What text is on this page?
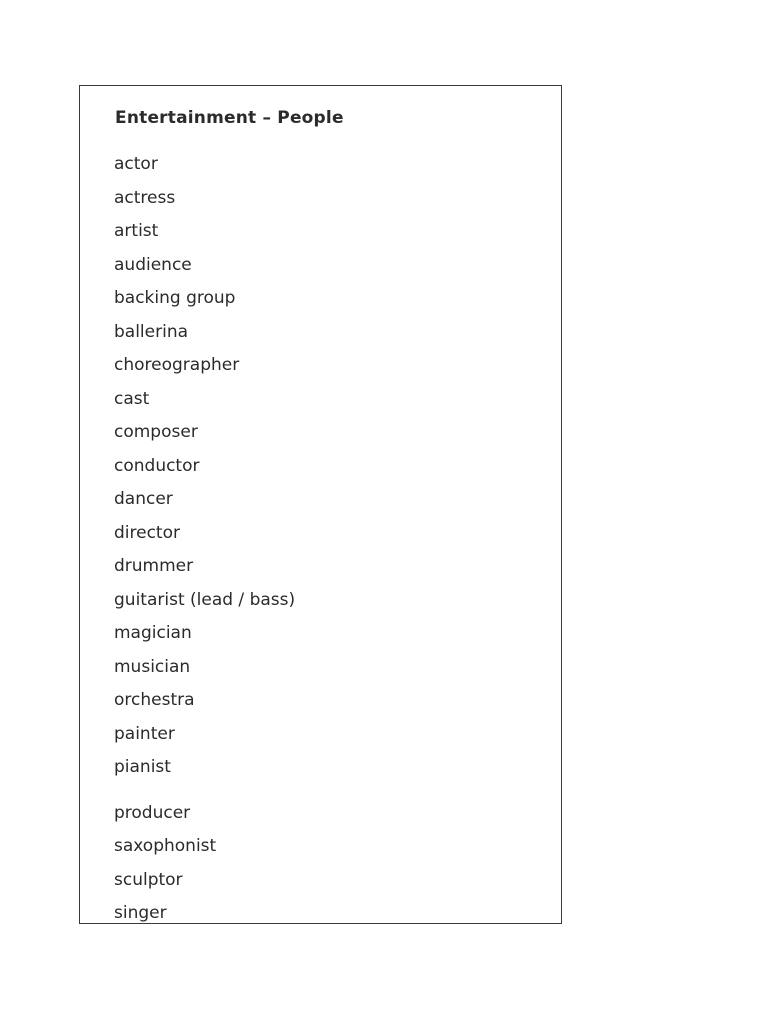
Entertainment – People
actor
actress
artist
audience
backing group
ballerina
choreographer
cast
composer
conductor
dancer
director
drummer
guitarist (lead / bass)
magician
musician
orchestra
painter
pianist
producer
saxophonist
sculptor
singer
